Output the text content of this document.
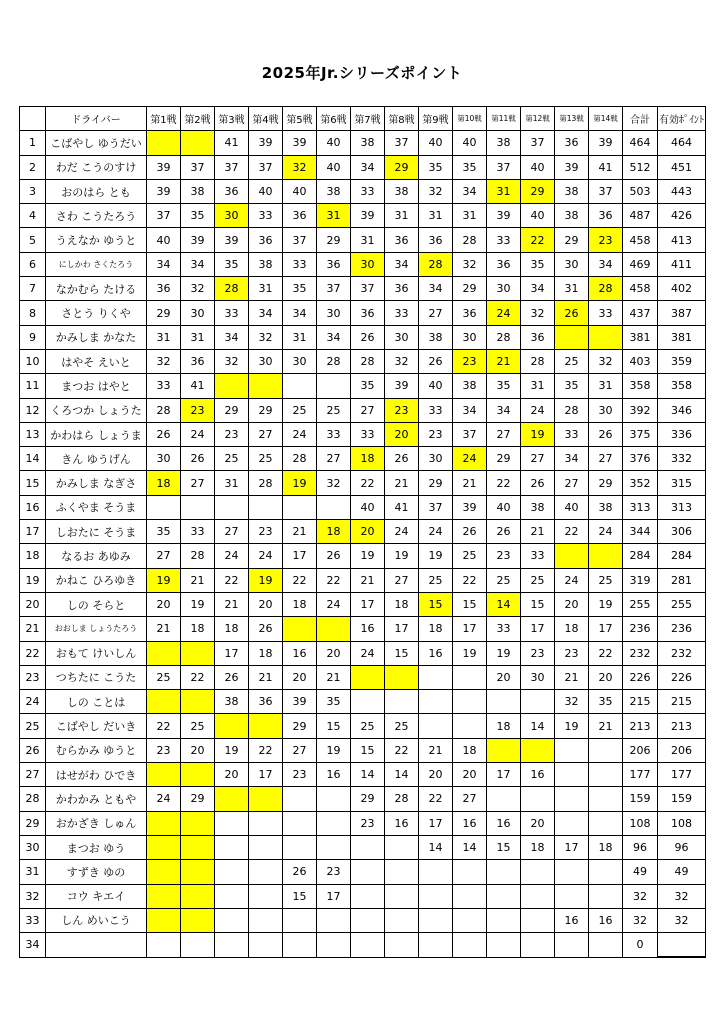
2025年Jr.シリーズポイント
	ドライバー	第1戦	第2戦	第3戦	第4戦	第5戦	第6戦	第7戦	第8戦	第9戦	第10戦	第11戦	第12戦	第13戦	第14戦	合計	有効ﾎﾟｲﾝﾄ
1	こばやし ゆうだい			41	39	39	40	38	37	40	40	38	37	36	39	464	464
2	わだ こうのすけ	39	37	37	37	32	40	34	29	35	35	37	40	39	41	512	451
3	おのはら とも	39	38	36	40	40	38	33	38	32	34	31	29	38	37	503	443
4	さわ こうたろう	37	35	30	33	36	31	39	31	31	31	39	40	38	36	487	426
5	うえなか ゆうと	40	39	39	36	37	29	31	36	36	28	33	22	29	23	458	413
6	にしかわ さくたろう	34	34	35	38	33	36	30	34	28	32	36	35	30	34	469	411
7	なかむら たける	36	32	28	31	35	37	37	36	34	29	30	34	31	28	458	402
8	さとう りくや	29	30	33	34	34	30	36	33	27	36	24	32	26	33	437	387
9	かみしま かなた	31	31	34	32	31	34	26	30	38	30	28	36			381	381
10	はやそ えいと	32	36	32	30	30	28	28	32	26	23	21	28	25	32	403	359
11	まつお はやと	33	41					35	39	40	38	35	31	35	31	358	358
12	くろつか しょうた	28	23	29	29	25	25	27	23	33	34	34	24	28	30	392	346
13	かわはら しょうま	26	24	23	27	24	33	33	20	23	37	27	19	33	26	375	336
14	きん ゆうげん	30	26	25	25	28	27	18	26	30	24	29	27	34	27	376	332
15	かみしま なぎさ	18	27	31	28	19	32	22	21	29	21	22	26	27	29	352	315
16	ふくやま そうま							40	41	37	39	40	38	40	38	313	313
17	しおたに そうま	35	33	27	23	21	18	20	24	24	26	26	21	22	24	344	306
18	なるお あゆみ	27	28	24	24	17	26	19	19	19	25	23	33			284	284
19	かねこ ひろゆき	19	21	22	19	22	22	21	27	25	22	25	25	24	25	319	281
20	しの そらと	20	19	21	20	18	24	17	18	15	15	14	15	20	19	255	255
21	おおしま しょうたろう	21	18	18	26			16	17	18	17	33	17	18	17	236	236
22	おもて けいしん			17	18	16	20	24	15	16	19	19	23	23	22	232	232
23	つちたに こうた	25	22	26	21	20	21					20	30	21	20	226	226
24	しの ことは			38	36	39	35							32	35	215	215
25	こばやし だいき	22	25			29	15	25	25			18	14	19	21	213	213
26	むらかみ ゆうと	23	20	19	22	27	19	15	22	21	18					206	206
27	はせがわ ひでき			20	17	23	16	14	14	20	20	17	16			177	177
28	かわかみ ともや	24	29					29	28	22	27					159	159
29	おかざき しゅん							23	16	17	16	16	20			108	108
30	まつお ゆう									14	14	15	18	17	18	96	96
31	すずき ゆの					26	23									49	49
32	コウ キエイ					15	17									32	32
33	しん めいこう													16	16	32	32
34																0	
